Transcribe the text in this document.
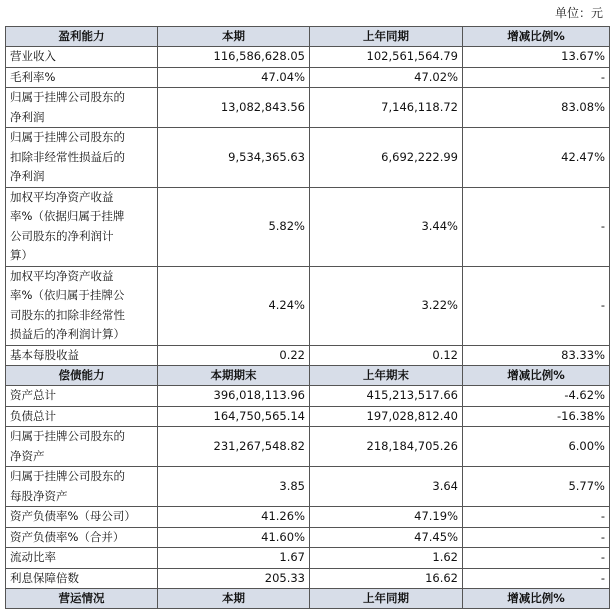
单位：元
盈利能力	本期	上年同期	增减比例%
营业收入	116,586,628.05	102,561,564.79	13.67%
毛利率%	47.04%	47.02%	-
归属于挂牌公司股东的
净利润	13,082,843.56	7,146,118.72	83.08%
归属于挂牌公司股东的
扣除非经常性损益后的
净利润	9,534,365.63	6,692,222.99	42.47%
加权平均净资产收益
率%（依据归属于挂牌
公司股东的净利润计
算）	5.82%	3.44%	-
加权平均净资产收益
率%（依归属于挂牌公
司股东的扣除非经常性
损益后的净利润计算）	4.24%	3.22%	-
基本每股收益	0.22	0.12	83.33%
偿债能力	本期期末	上年期末	增减比例%
资产总计	396,018,113.96	415,213,517.66	-4.62%
负债总计	164,750,565.14	197,028,812.40	-16.38%
归属于挂牌公司股东的
净资产	231,267,548.82	218,184,705.26	6.00%
归属于挂牌公司股东的
每股净资产	3.85	3.64	5.77%
资产负债率%（母公司）	41.26%	47.19%	-
资产负债率%（合并）	41.60%	47.45%	-
流动比率	1.67	1.62	-
利息保障倍数	205.33	16.62	-
营运情况	本期	上年同期	增减比例%
